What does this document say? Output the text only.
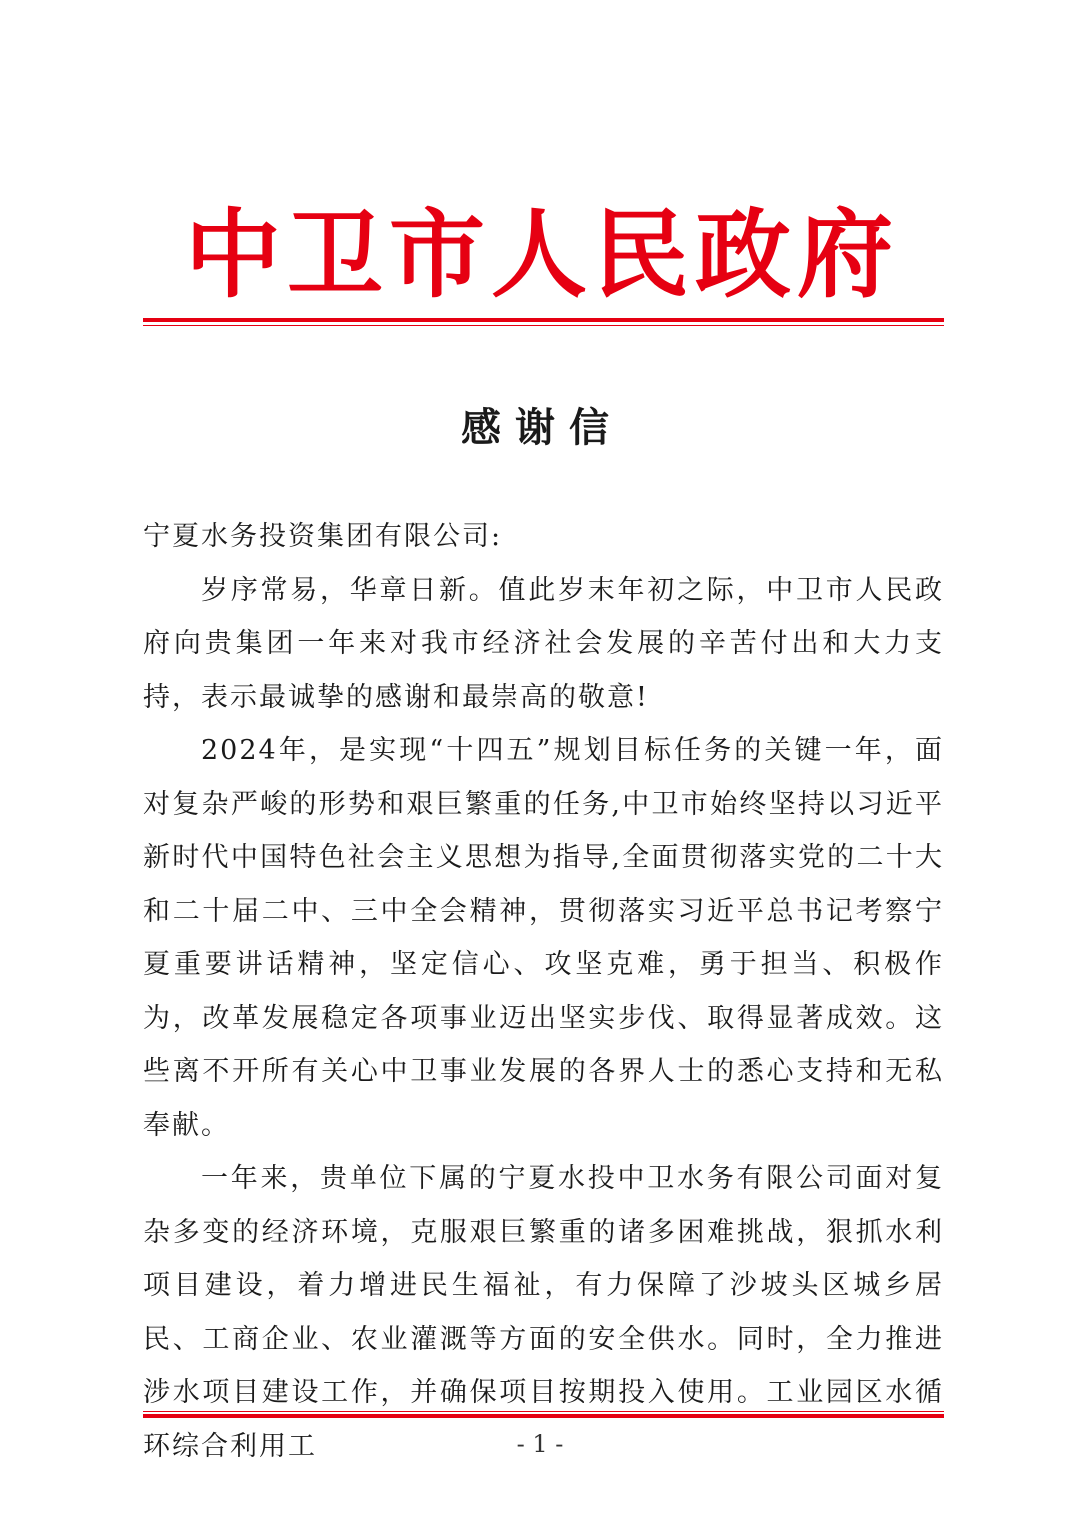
中卫市人民政府
感谢信

宁夏水务投资集团有限公司:

岁序常易，华章日新。值此岁末年初之际，中卫市人民政府向贵集团一年来对我市经济社会发展的辛苦付出和大力支持，表示最诚挚的感谢和最崇高的敬意!

2024年，是实现“十四五”规划目标任务的关键一年，面对复杂严峻的形势和艰巨繁重的任务,中卫市始终坚持以习近平新时代中国特色社会主义思想为指导,全面贯彻落实党的二十大和二十届二中、三中全会精神，贯彻落实习近平总书记考察宁夏重要讲话精神，坚定信心、攻坚克难，勇于担当、积极作为，改革发展稳定各项事业迈出坚实步伐、取得显著成效。这些离不开所有关心中卫事业发展的各界人士的悉心支持和无私奉献。

一年来，贵单位下属的宁夏水投中卫水务有限公司面对复杂多变的经济环境，克服艰巨繁重的诸多困难挑战，狠抓水利项目建设，着力增进民生福祉，有力保障了沙坡头区城乡居民、工商企业、农业灌溉等方面的安全供水。同时，全力推进涉水项目建设工作，并确保项目按期投入使用。工业园区水循环综合利用工	- 1 -
